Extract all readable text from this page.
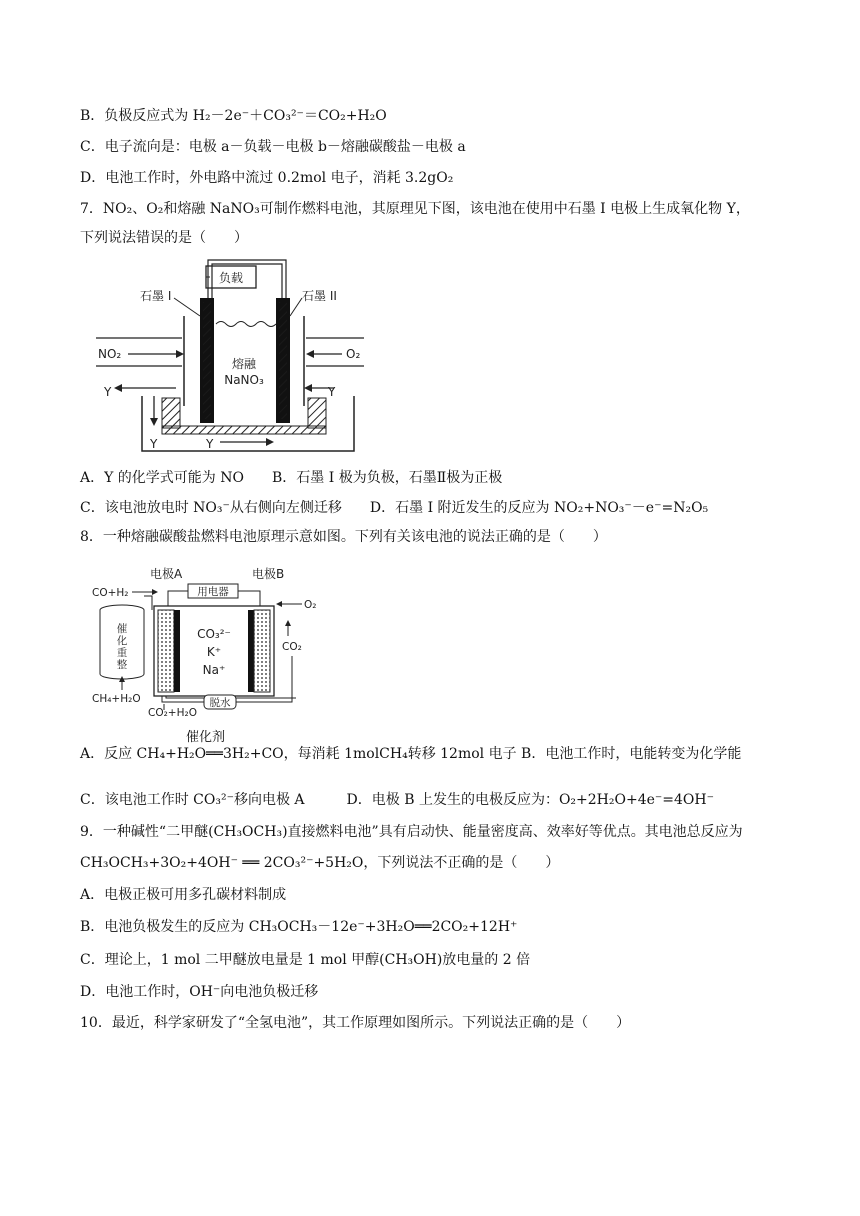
B．负极反应式为 H₂－2e⁻＋CO₃²⁻＝CO₂+H₂O
C．电子流向是：电极 a－负载－电极 b－熔融碳酸盐－电极 a
D．电池工作时，外电路中流过 0.2mol 电子，消耗 3.2gO₂
7．NO₂、O₂和熔融 NaNO₃可制作燃料电池，其原理见下图，该电池在使用中石墨 I 电极上生成氧化物 Y，
下列说法错误的是（　　）
负载
石墨 I	石墨 II
NO₂	O₂
Y	Y
Y	Y
熔融
NaNO₃
A．Y 的化学式可能为 NO　　B．石墨 I 极为负极，石墨Ⅱ极为正极
C．该电池放电时 NO₃⁻从右侧向左侧迁移　　D．石墨 I 附近发生的反应为 NO₂+NO₃⁻－e⁻=N₂O₅
8．一种熔融碳酸盐燃料电池原理示意如图。下列有关该电池的说法正确的是（　　）
电极A	电极B
用电器
CO+H₂
催
化
重
整
CH₄+H₂O
CO₃²⁻
K⁺
Na⁺
O₂
CO₂
脱水
CO₂+H₂O
催化剂
A．反应 CH₄+H₂O══3H₂+CO，每消耗 1molCH₄转移 12mol 电子 B．电池工作时，电能转变为化学能
C．该电池工作时 CO₃²⁻移向电极 A　　　D．电极 B 上发生的电极反应为：O₂+2H₂O+4e⁻=4OH⁻
9．一种碱性“二甲醚(CH₃OCH₃)直接燃料电池”具有启动快、能量密度高、效率好等优点。其电池总反应为
CH₃OCH₃+3O₂+4OH⁻ ══ 2CO₃²⁻+5H₂O，下列说法不正确的是（　　）
A．电极正极可用多孔碳材料制成
B．电池负极发生的反应为 CH₃OCH₃－12e⁻+3H₂O══2CO₂+12H⁺
C．理论上，1 mol 二甲醚放电量是 1 mol 甲醇(CH₃OH)放电量的 2 倍
D．电池工作时，OH⁻向电池负极迁移
10．最近，科学家研发了“全氢电池”，其工作原理如图所示。下列说法正确的是（　　）
